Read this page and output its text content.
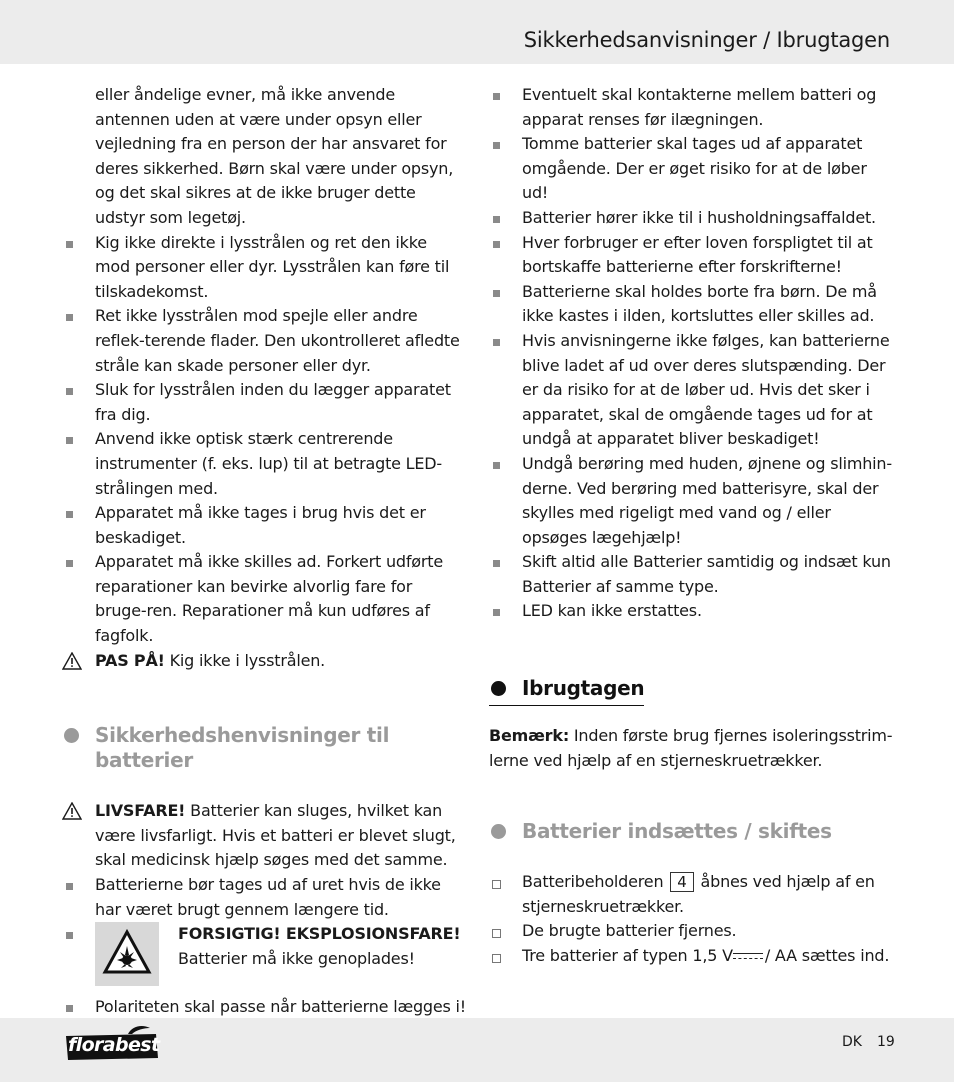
Sikkerhedsanvisninger / Ibrugtagen
eller åndelige evner, må ikke anvende antennen uden at være under opsyn eller vejledning fra en person der har ansvaret for deres sikkerhed. Børn skal være under opsyn, og det skal sikres at de ikke bruger dette udstyr som legetøj.
Kig ikke direkte i lysstrålen og ret den ikke mod personer eller dyr. Lysstrålen kan føre til tilskadekomst.
Ret ikke lysstrålen mod spejle eller andre reflek-terende flader. Den ukontrolleret afledte stråle kan skade personer eller dyr.
Sluk for lysstrålen inden du lægger apparatet fra dig.
Anvend ikke optisk stærk centrerende instrumenter (f. eks. lup) til at betragte LED-strålingen med.
Apparatet må ikke tages i brug hvis det er beskadiget.
Apparatet må ikke skilles ad. Forkert udførte reparationer kan bevirke alvorlig fare for bruge-ren. Reparationer må kun udføres af fagfolk.
PAS PÅ! Kig ikke i lysstrålen.
Sikkerhedshenvisninger til batterier
LIVSFARE! Batterier kan sluges, hvilket kan være livsfarligt. Hvis et batteri er blevet slugt, skal medicinsk hjælp søges med det samme.
Batterierne bør tages ud af uret hvis de ikke har været brugt gennem længere tid.
FORSIGTIG! EKSPLOSIONSFARE!
Batterier må ikke genoplades!
Polariteten skal passe når batterierne lægges i!
Eventuelt skal kontakterne mellem batteri og apparat renses før ilægningen.
Tomme batterier skal tages ud af apparatet omgående. Der er øget risiko for at de løber ud!
Batterier hører ikke til i husholdningsaffaldet.
Hver forbruger er efter loven forspligtet til at bortskaffe batterierne efter forskrifterne!
Batterierne skal holdes borte fra børn. De må ikke kastes i ilden, kortsluttes eller skilles ad.
Hvis anvisningerne ikke følges, kan batterierne blive ladet af ud over deres slutspænding. Der er da risiko for at de løber ud. Hvis det sker i apparatet, skal de omgående tages ud for at undgå at apparatet bliver beskadiget!
Undgå berøring med huden, øjnene og slimhin-derne. Ved berøring med batterisyre, skal der skylles med rigeligt med vand og / eller opsøges lægehjælp!
Skift altid alle Batterier samtidig og indsæt kun Batterier af samme type.
LED kan ikke erstattes.
Ibrugtagen
Bemærk: Inden første brug fjernes isoleringsstrim-lerne ved hjælp af en stjerneskruetrækker.
Batterier indsættes / skiftes
Batteribeholderen 4 åbnes ved hjælp af en stjerneskruetrækker.
De brugte batterier fjernes.
Tre batterier af typen 1,5 V / AA sættes ind.
florabest	DK 19
